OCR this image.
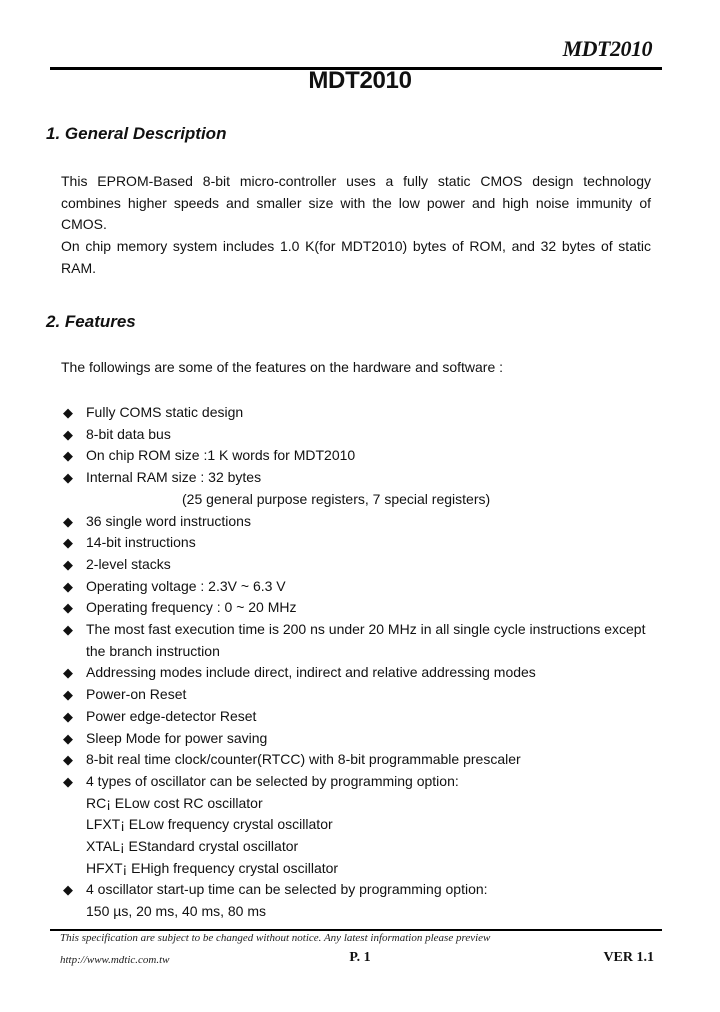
MDT2010
MDT2010
1. General Description

This EPROM-Based 8-bit micro-controller uses a fully static CMOS design technology combines higher speeds and smaller size with the low power and high noise immunity of CMOS.

On chip memory system includes 1.0 K(for MDT2010) bytes of ROM, and 32 bytes of static RAM.

2. Features
The followings are some of the features on the hardware and software :
◆ Fully COMS static design
◆ 8-bit data bus
◆ On chip ROM size :1 K words for MDT2010
◆ Internal RAM size : 32 bytes
(25 general purpose registers, 7 special registers)
◆ 36 single word instructions
◆ 14-bit instructions
◆ 2-level stacks
◆ Operating voltage : 2.3V ~ 6.3 V
◆ Operating frequency : 0 ~ 20 MHz
◆ The most fast execution time is 200 ns under 20 MHz in all single cycle instructions except
the branch instruction
◆ Addressing modes include direct, indirect and relative addressing modes
◆ Power-on Reset
◆ Power edge-detector Reset
◆ Sleep Mode for power saving
◆ 8-bit real time clock/counter(RTCC) with 8-bit programmable prescaler
◆ 4 types of oscillator can be selected by programming option:
RC¡ ELow cost RC oscillator
LFXT¡ ELow frequency crystal oscillator
XTAL¡ EStandard crystal oscillator
HFXT¡ EHigh frequency crystal oscillator
◆ 4 oscillator start-up time can be selected by programming option:
150 µs, 20 ms, 40 ms, 80 ms
This specification are subject to be changed without notice. Any latest information please preview
http://www.mdtic.com.tw	P. 1	VER 1.1
